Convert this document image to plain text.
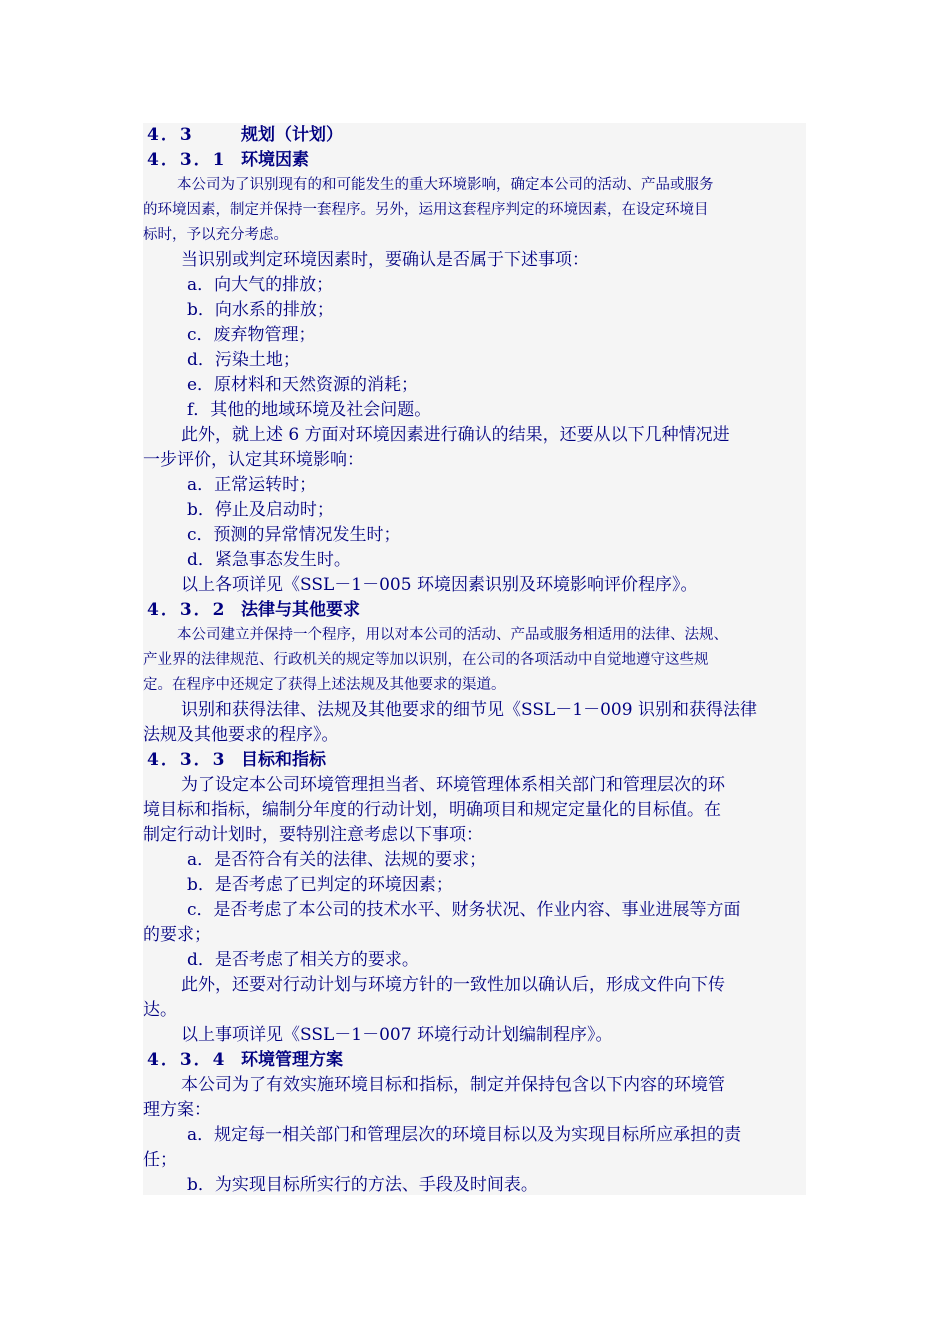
4．3	规划（计划）
4．3．1 环境因素
本公司为了识别现有的和可能发生的重大环境影响，确定本公司的活动、产品或服务
的环境因素，制定并保持一套程序。另外，运用这套程序判定的环境因素，在设定环境目
标时，予以充分考虑。
当识别或判定环境因素时，要确认是否属于下述事项：
a．向大气的排放；
b．向水系的排放；
c．废弃物管理；
d．污染土地；
e．原材料和天然资源的消耗；
f．其他的地域环境及社会问题。
此外，就上述 6 方面对环境因素进行确认的结果，还要从以下几种情况进
一步评价，认定其环境影响：
a．正常运转时；
b．停止及启动时；
c．预测的异常情况发生时；
d．紧急事态发生时。
以上各项详见《SSL－1－005 环境因素识别及环境影响评价程序》。
4．3．2 法律与其他要求
本公司建立并保持一个程序，用以对本公司的活动、产品或服务相适用的法律、法规、
产业界的法律规范、行政机关的规定等加以识别，在公司的各项活动中自觉地遵守这些规
定。在程序中还规定了获得上述法规及其他要求的渠道。
识别和获得法律、法规及其他要求的细节见《SSL－1－009 识别和获得法律
法规及其他要求的程序》。
4．3．3 目标和指标
为了设定本公司环境管理担当者、环境管理体系相关部门和管理层次的环
境目标和指标，编制分年度的行动计划，明确项目和规定定量化的目标值。在
制定行动计划时，要特别注意考虑以下事项：
a．是否符合有关的法律、法规的要求；
b．是否考虑了已判定的环境因素；
c．是否考虑了本公司的技术水平、财务状况、作业内容、事业进展等方面
的要求；
d．是否考虑了相关方的要求。
此外，还要对行动计划与环境方针的一致性加以确认后，形成文件向下传
达。
以上事项详见《SSL－1－007 环境行动计划编制程序》。
4．3．4 环境管理方案
本公司为了有效实施环境目标和指标，制定并保持包含以下内容的环境管
理方案：
a．规定每一相关部门和管理层次的环境目标以及为实现目标所应承担的责
任；
b．为实现目标所实行的方法、手段及时间表。
